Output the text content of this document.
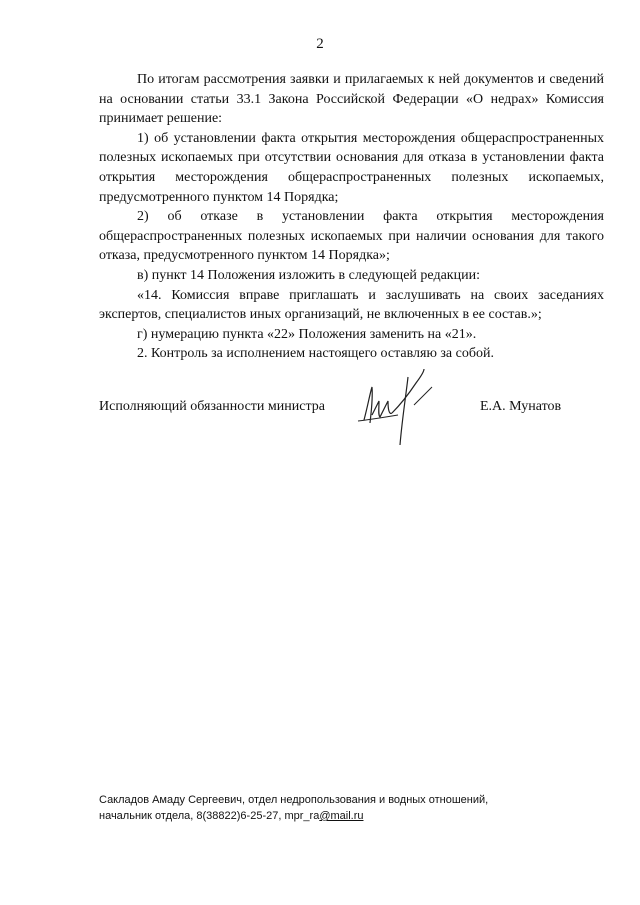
2

По итогам рассмотрения заявки и прилагаемых к ней документов и сведений на основании статьи 33.1 Закона Российской Федерации «О недрах» Комиссия принимает решение:

1) об установлении факта открытия месторождения общераспространенных полезных ископаемых при отсутствии основания для отказа в установлении факта открытия месторождения общераспространенных полезных ископаемых, предусмотренного пунктом 14 Порядка;

2) об отказе в установлении факта открытия месторождения общераспространенных полезных ископаемых при наличии основания для такого отказа, предусмотренного пунктом 14 Порядка»;

в) пункт 14 Положения изложить в следующей редакции:

«14. Комиссия вправе приглашать и заслушивать на своих заседаниях экспертов, специалистов иных организаций, не включенных в ее состав.»;

г) нумерацию пункта «22» Положения заменить на «21».

2. Контроль за исполнением настоящего оставляю за собой.

Исполняющий обязанности министра	Е.А. Мунатов
Сакладов Амаду Сергеевич, отдел недропользования и водных отношений,
начальник отдела, 8(38822)6-25-27, mpr_ra@mail.ru
